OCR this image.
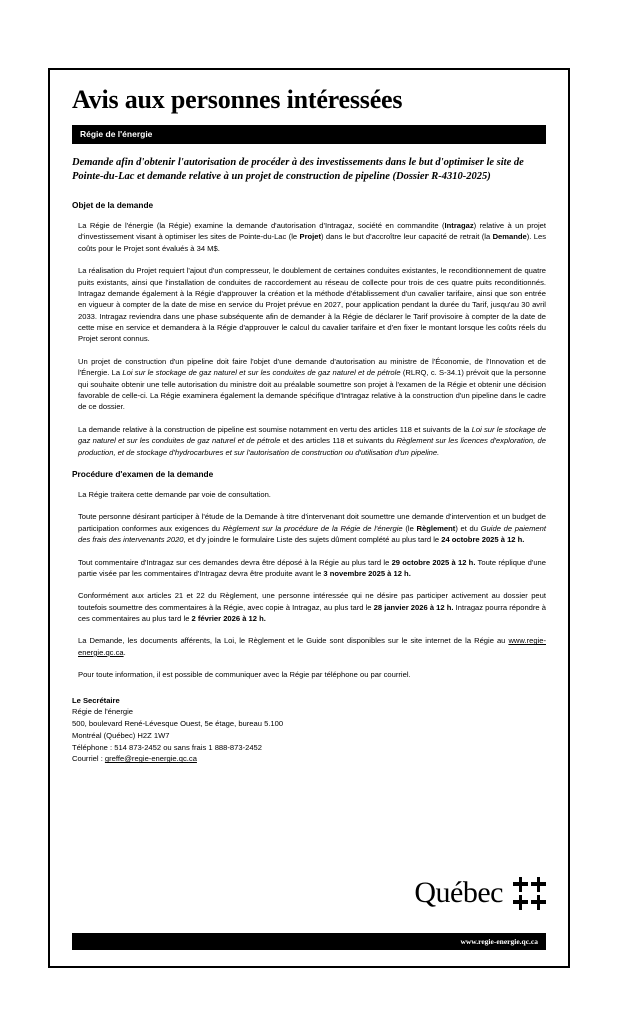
Avis aux personnes intéressées
Régie de l'énergie
Demande afin d'obtenir l'autorisation de procéder à des investissements dans le but d'optimiser le site de Pointe-du-Lac et demande relative à un projet de construction de pipeline (Dossier R-4310-2025)
Objet de la demande

La Régie de l'énergie (la Régie) examine la demande d'autorisation d'Intragaz, société en commandite (Intragaz) relative à un projet d'investissement visant à optimiser les sites de Pointe-du-Lac (le Projet) dans le but d'accroître leur capacité de retrait (la Demande). Les coûts pour le Projet sont évalués à 34 M$.

La réalisation du Projet requiert l'ajout d'un compresseur, le doublement de certaines conduites existantes, le reconditionnement de quatre puits existants, ainsi que l'installation de conduites de raccordement au réseau de collecte pour trois de ces quatre puits reconditionnés. Intragaz demande également à la Régie d'approuver la création et la méthode d'établissement d'un cavalier tarifaire, ainsi que son entrée en vigueur à compter de la date de mise en service du Projet prévue en 2027, pour application pendant la durée du Tarif, jusqu'au 30 avril 2033. Intragaz reviendra dans une phase subséquente afin de demander à la Régie de déclarer le Tarif provisoire à compter de la date de cette mise en service et demandera à la Régie d'approuver le calcul du cavalier tarifaire et d'en fixer le montant lorsque les coûts réels du Projet seront connus.

Un projet de construction d'un pipeline doit faire l'objet d'une demande d'autorisation au ministre de l'Économie, de l'Innovation et de l'Énergie. La Loi sur le stockage de gaz naturel et sur les conduites de gaz naturel et de pétrole (RLRQ, c. S-34.1) prévoit que la personne qui souhaite obtenir une telle autorisation du ministre doit au préalable soumettre son projet à l'examen de la Régie et obtenir une décision favorable de celle-ci. La Régie examinera également la demande spécifique d'Intragaz relative à la construction d'un pipeline dans le cadre de ce dossier.

La demande relative à la construction de pipeline est soumise notamment en vertu des articles 118 et suivants de la Loi sur le stockage de gaz naturel et sur les conduites de gaz naturel et de pétrole et des articles 118 et suivants du Règlement sur les licences d'exploration, de production, et de stockage d'hydrocarbures et sur l'autorisation de construction ou d'utilisation d'un pipeline.

Procédure d'examen de la demande

La Régie traitera cette demande par voie de consultation.

Toute personne désirant participer à l'étude de la Demande à titre d'intervenant doit soumettre une demande d'intervention et un budget de participation conformes aux exigences du Règlement sur la procédure de la Régie de l'énergie (le Règlement) et du Guide de paiement des frais des intervenants 2020, et d'y joindre le formulaire Liste des sujets dûment complété au plus tard le 24 octobre 2025 à 12 h.

Tout commentaire d'Intragaz sur ces demandes devra être déposé à la Régie au plus tard le 29 octobre 2025 à 12 h. Toute réplique d'une partie visée par les commentaires d'Intragaz devra être produite avant le 3 novembre 2025 à 12 h.

Conformément aux articles 21 et 22 du Règlement, une personne intéressée qui ne désire pas participer activement au dossier peut toutefois soumettre des commentaires à la Régie, avec copie à Intragaz, au plus tard le 28 janvier 2026 à 12 h. Intragaz pourra répondre à ces commentaires au plus tard le 2 février 2026 à 12 h.

La Demande, les documents afférents, la Loi, le Règlement et le Guide sont disponibles sur le site internet de la Régie au www.regie-energie.qc.ca.

Pour toute information, il est possible de communiquer avec la Régie par téléphone ou par courriel.

Le Secrétaire
Régie de l'énergie
500, boulevard René-Lévesque Ouest, 5e étage, bureau 5.100
Montréal (Québec) H2Z 1W7
Téléphone : 514 873-2452 ou sans frais 1 888-873-2452
Courriel : greffe@regie-energie.qc.ca
Québec
www.regie-energie.qc.ca
